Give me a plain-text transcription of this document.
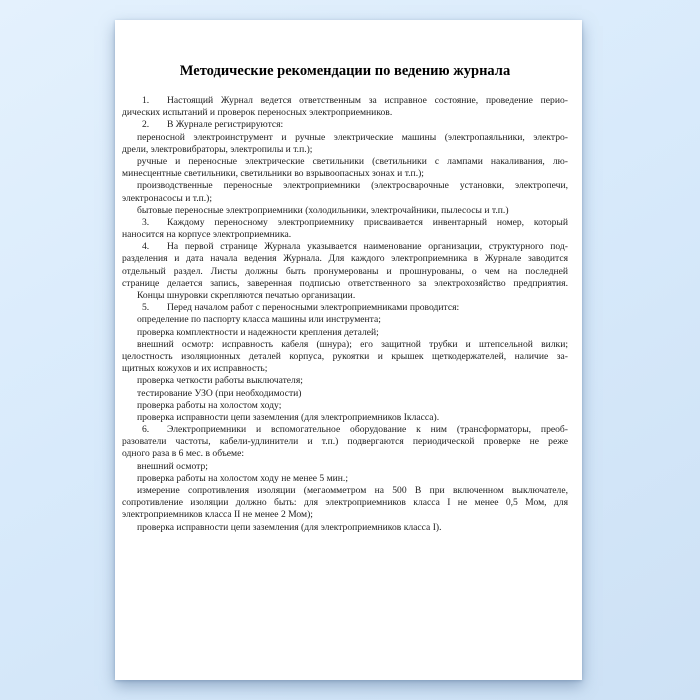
Методические рекомендации по ведению журнала
1. Настоящий Журнал ведется ответственным за исправное состояние, проведение перио-
дических испытаний и проверок переносных электроприемников.
2. В Журнале регистрируются:
переносной электроинструмент и ручные электрические машины (электропаяльники, электро-
дрели, электровибраторы, электропилы и т.п.);
ручные и переносные электрические светильники (светильники с лампами накаливания, лю-
минесцентные светильники, светильники во взрывоопасных зонах и т.п.);
производственные переносные электроприемники (электросварочные установки, электропечи,
электронасосы и т.п.);
бытовые переносные электроприемники (холодильники, электрочайники, пылесосы и т.п.)
3. Каждому переносному электроприемнику присваивается инвентарный номер, который
наносится на корпусе электроприемника.
4. На первой странице Журнала указывается наименование организации, структурного под-
разделения и дата начала ведения Журнала. Для каждого электроприемника в Журнале заводится
отдельный раздел. Листы должны быть пронумерованы и прошнурованы, о чем на последней
странице делается запись, заверенная подписью ответственного за электрохозяйство предприятия.
Концы шнуровки скрепляются печатью организации.
5. Перед началом работ с переносными электроприемниками проводится:
определение по паспорту класса машины или инструмента;
проверка комплектности и надежности крепления деталей;
внешний осмотр: исправность кабеля (шнура); его защитной трубки и штепсельной вилки;
целостность изоляционных деталей корпуса, рукоятки и крышек щеткодержателей, наличие за-
щитных кожухов и их исправность;
проверка четкости работы выключателя;
тестирование УЗО (при необходимости)
проверка работы на холостом ходу;
проверка исправности цепи заземления (для электроприемников Iкласса).
6. Электроприемники и вспомогательное оборудование к ним (трансформаторы, преоб-
разователи частоты, кабели-удлинители и т.п.) подвергаются периодической проверке не реже
одного раза в 6 мес. в объеме:
внешний осмотр;
проверка работы на холостом ходу не менее 5 мин.;
измерение сопротивления изоляции (мегаомметром на 500 В при включенном выключателе,
сопротивление изоляции должно быть: для электроприемников класса I не менее 0,5 Мом, для
электроприемников класса II не менее 2 Мом);
проверка исправности цепи заземления (для электроприемников класса I).
